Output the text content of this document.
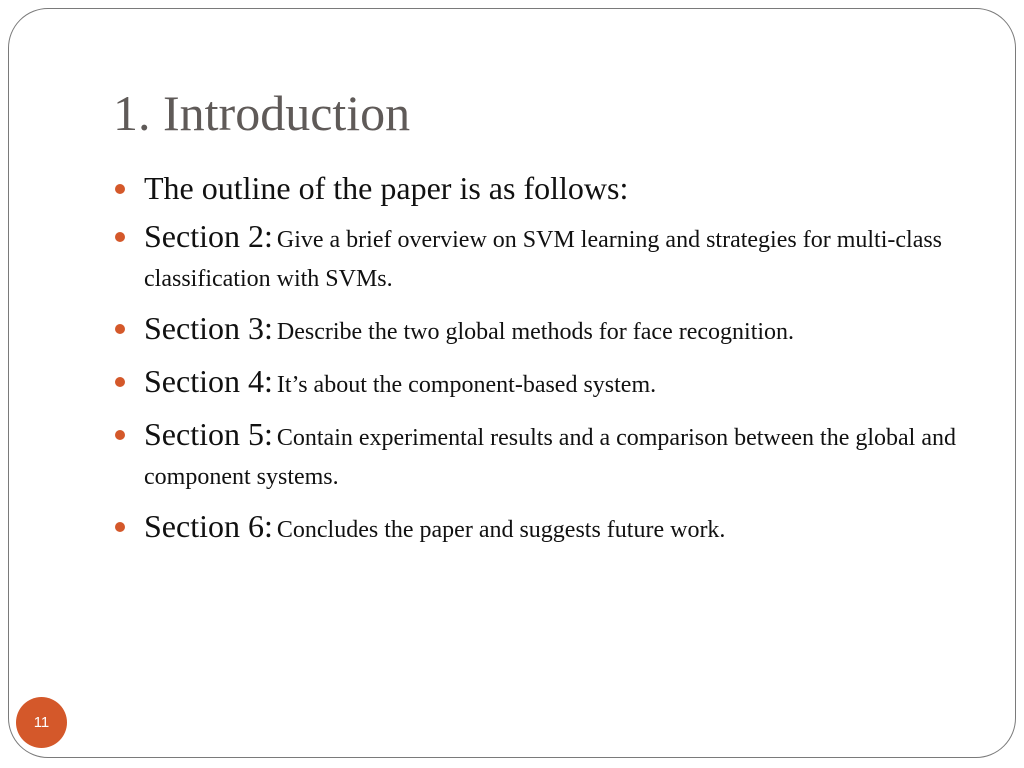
1. Introduction
The outline of the paper is as follows:
Section 2: Give a brief overview on SVM learning and strategies for multi-class classification with SVMs.
Section 3: Describe the two global methods for face recognition.
Section 4: It’s about the component-based system.
Section 5: Contain experimental results and a comparison between the global and component systems.
Section 6: Concludes the paper and suggests future work.
11
